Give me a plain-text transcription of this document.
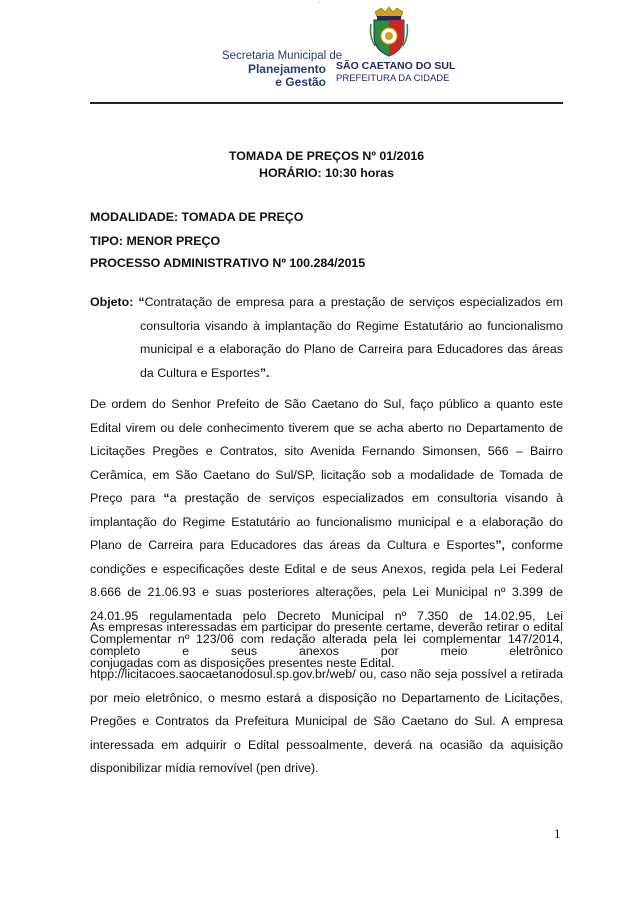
'
Secretaria Municipal de
Planejamento
e Gestão
SÃO CAETANO DO SUL
PREFEITURA DA CIDADE
TOMADA DE PREÇOS Nº 01/2016
HORÁRIO: 10:30 horas
MODALIDADE: TOMADA DE PREÇO
TIPO: MENOR PREÇO
PROCESSO ADMINISTRATIVO Nº 100.284/2015
Objeto: “Contratação de empresa para a prestação de serviços especializados em
consultoria visando à implantação do Regime Estatutário ao funcionalismo municipal e a elaboração do Plano de Carreira para Educadores das áreas da Cultura e Esportes”.
De ordem do Senhor Prefeito de São Caetano do Sul, faço público a quanto este Edital virem ou dele conhecimento tiverem que se acha aberto no Departamento de Licitações Pregões e Contratos, sito Avenida Fernando Simonsen, 566 – Bairro Cerâmica, em São Caetano do Sul/SP, licitação sob a modalidade de Tomada de Preço para “a prestação de serviços especializados em consultoria visando à implantação do Regime Estatutário ao funcionalismo municipal e a elaboração do Plano de Carreira para Educadores das áreas da Cultura e Esportes”, conforme condições e especificações deste Edital e de seus Anexos, regida pela Lei Federal 8.666 de 21.06.93 e suas posteriores alterações, pela Lei Municipal nº 3.399 de 24.01.95 regulamentada pelo Decreto Municipal nº 7.350 de 14.02.95, Lei Complementar nº 123/06 com redação alterada pela lei complementar 147/2014, conjugadas com as disposições presentes neste Edital.
As empresas interessadas em participar do presente certame, deverão retirar o edital completo e seus anexos por meio eletrônico htpp://licitacoes.saocaetanodosul.sp.gov.br/web/ ou, caso não seja possível a retirada por meio eletrônico, o mesmo estará a disposição no Departamento de Licitações, Pregões e Contratos da Prefeitura Municipal de São Caetano do Sul. A empresa interessada em adquirir o Edital pessoalmente, deverá na ocasião da aquisição disponibilizar mídia removível (pen drive).
1
